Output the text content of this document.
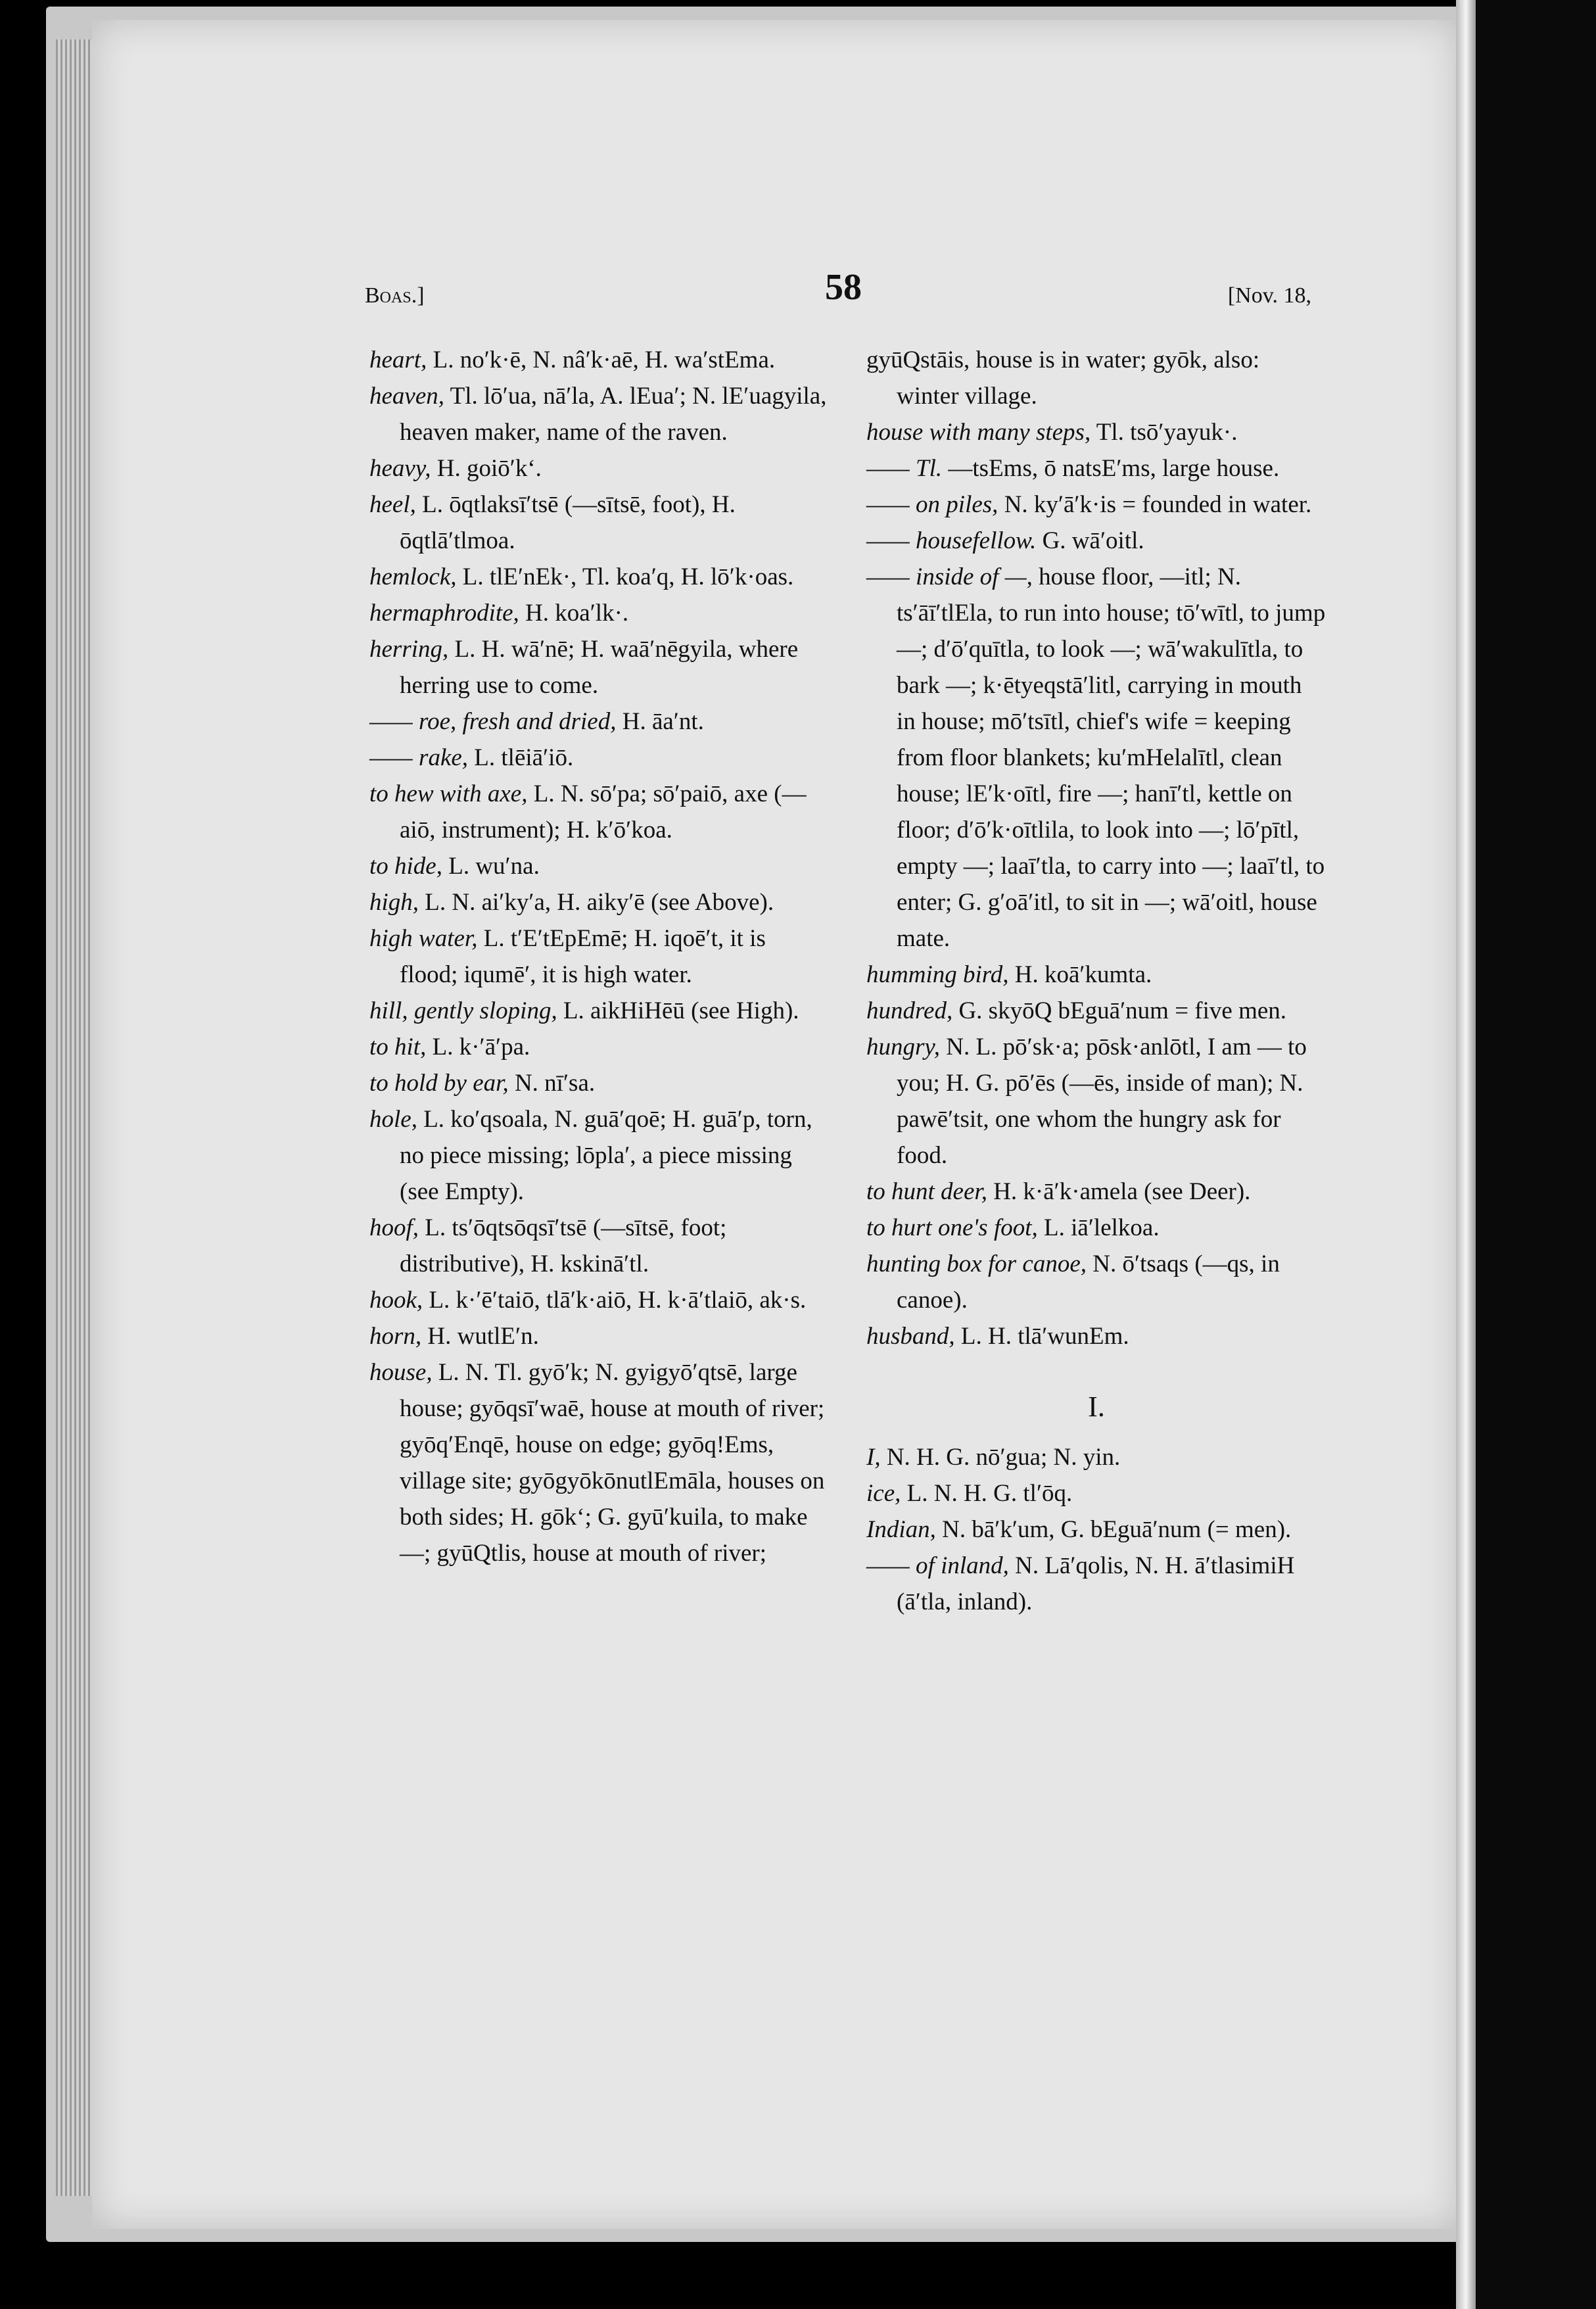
Boas.]	58	[Nov. 18,

heart, L. no′k·ē, N. nâ′k·aē, H. wa′stEma.

heaven, Tl. lō′ua, nā′la, A. lEua′; N. lE′uagyila, heaven maker, name of the raven.

heavy, H. goiō′k‘.

heel, L. ōqtlaksī′tsē (—sītsē, foot), H. ōqtlā′tlmoa.

hemlock, L. tlE′nEk·, Tl. koa′q, H. lō′k·oas.

hermaphrodite, H. koa′lk·.

herring, L. H. wā′nē; H. waā′nēgyila, where herring use to come.

—— roe, fresh and dried, H. āa′nt.

—— rake, L. tlēiā′iō.

to hew with axe, L. N. sō′pa; sō′paiō, axe (—aiō, instrument); H. k′ō′koa.

to hide, L. wu′na.

high, L. N. ai′ky′a, H. aiky′ē (see Above).

high water, L. t′E′tEpEmē; H. iqoē′t, it is flood; iqumē′, it is high water.

hill, gently sloping, L. aikHiHēū (see High).

to hit, L. k·′ā′pa.

to hold by ear, N. nī′sa.

hole, L. ko′qsoala, N. guā′qoē; H. guā′p, torn, no piece missing; lōpla′, a piece missing (see Empty).

hoof, L. ts′ōqtsōqsī′tsē (—sītsē, foot; distributive), H. kskinā′tl.

hook, L. k·′ē′taiō, tlā′k·aiō, H. k·ā′tlaiō, ak·s.

horn, H. wutlE′n.

house, L. N. Tl. gyō′k; N. gyigyō′qtsē, large house; gyōqsī′waē, house at mouth of river; gyōq′Enqē, house on edge; gyōq!Ems, village site; gyōgyōkōnutlEmāla, houses on both sides; H. gōk‘; G. gyū′kuila, to make —; gyūQtlis, house at mouth of river;

gyūQstāis, house is in water; gyōk, also: winter village.

house with many steps, Tl. tsō′yayuk·.

—— Tl. —tsEms, ō natsE′ms, large house.

—— on piles, N. ky′ā′k·is = founded in water.

—— housefellow. G. wā′oitl.

—— inside of —, house floor, —itl; N. ts′āī′tlEla, to run into house; tō′wītl, to jump —; d′ō′quītla, to look —; wā′wakulītla, to bark —; k·ētyeqstā′litl, carrying in mouth in house; mō′tsītl, chief's wife = keeping from floor blankets; ku′mHelalītl, clean house; lE′k·oītl, fire —; hanī′tl, kettle on floor; d′ō′k·oītlila, to look into —; lō′pītl, empty —; laaī′tla, to carry into —; laaī′tl, to enter; G. g′oā′itl, to sit in —; wā′oitl, house mate.

humming bird, H. koā′kumta.

hundred, G. skyōQ bEguā′num = five men.

hungry, N. L. pō′sk·a; pōsk·anlōtl, I am — to you; H. G. pō′ēs (—ēs, inside of man); N. pawē′tsit, one whom the hungry ask for food.

to hunt deer, H. k·ā′k·amela (see Deer).

to hurt one's foot, L. iā′lelkoa.

hunting box for canoe, N. ō′tsaqs (—qs, in canoe).

husband, L. H. tlā′wunEm.

I.

I, N. H. G. nō′gua; N. yin.

ice, L. N. H. G. tl′ōq.

Indian, N. bā′k′um, G. bEguā′num (= men).

—— of inland, N. Lā′qolis, N. H. ā′tlasimiH (ā′tla, inland).
